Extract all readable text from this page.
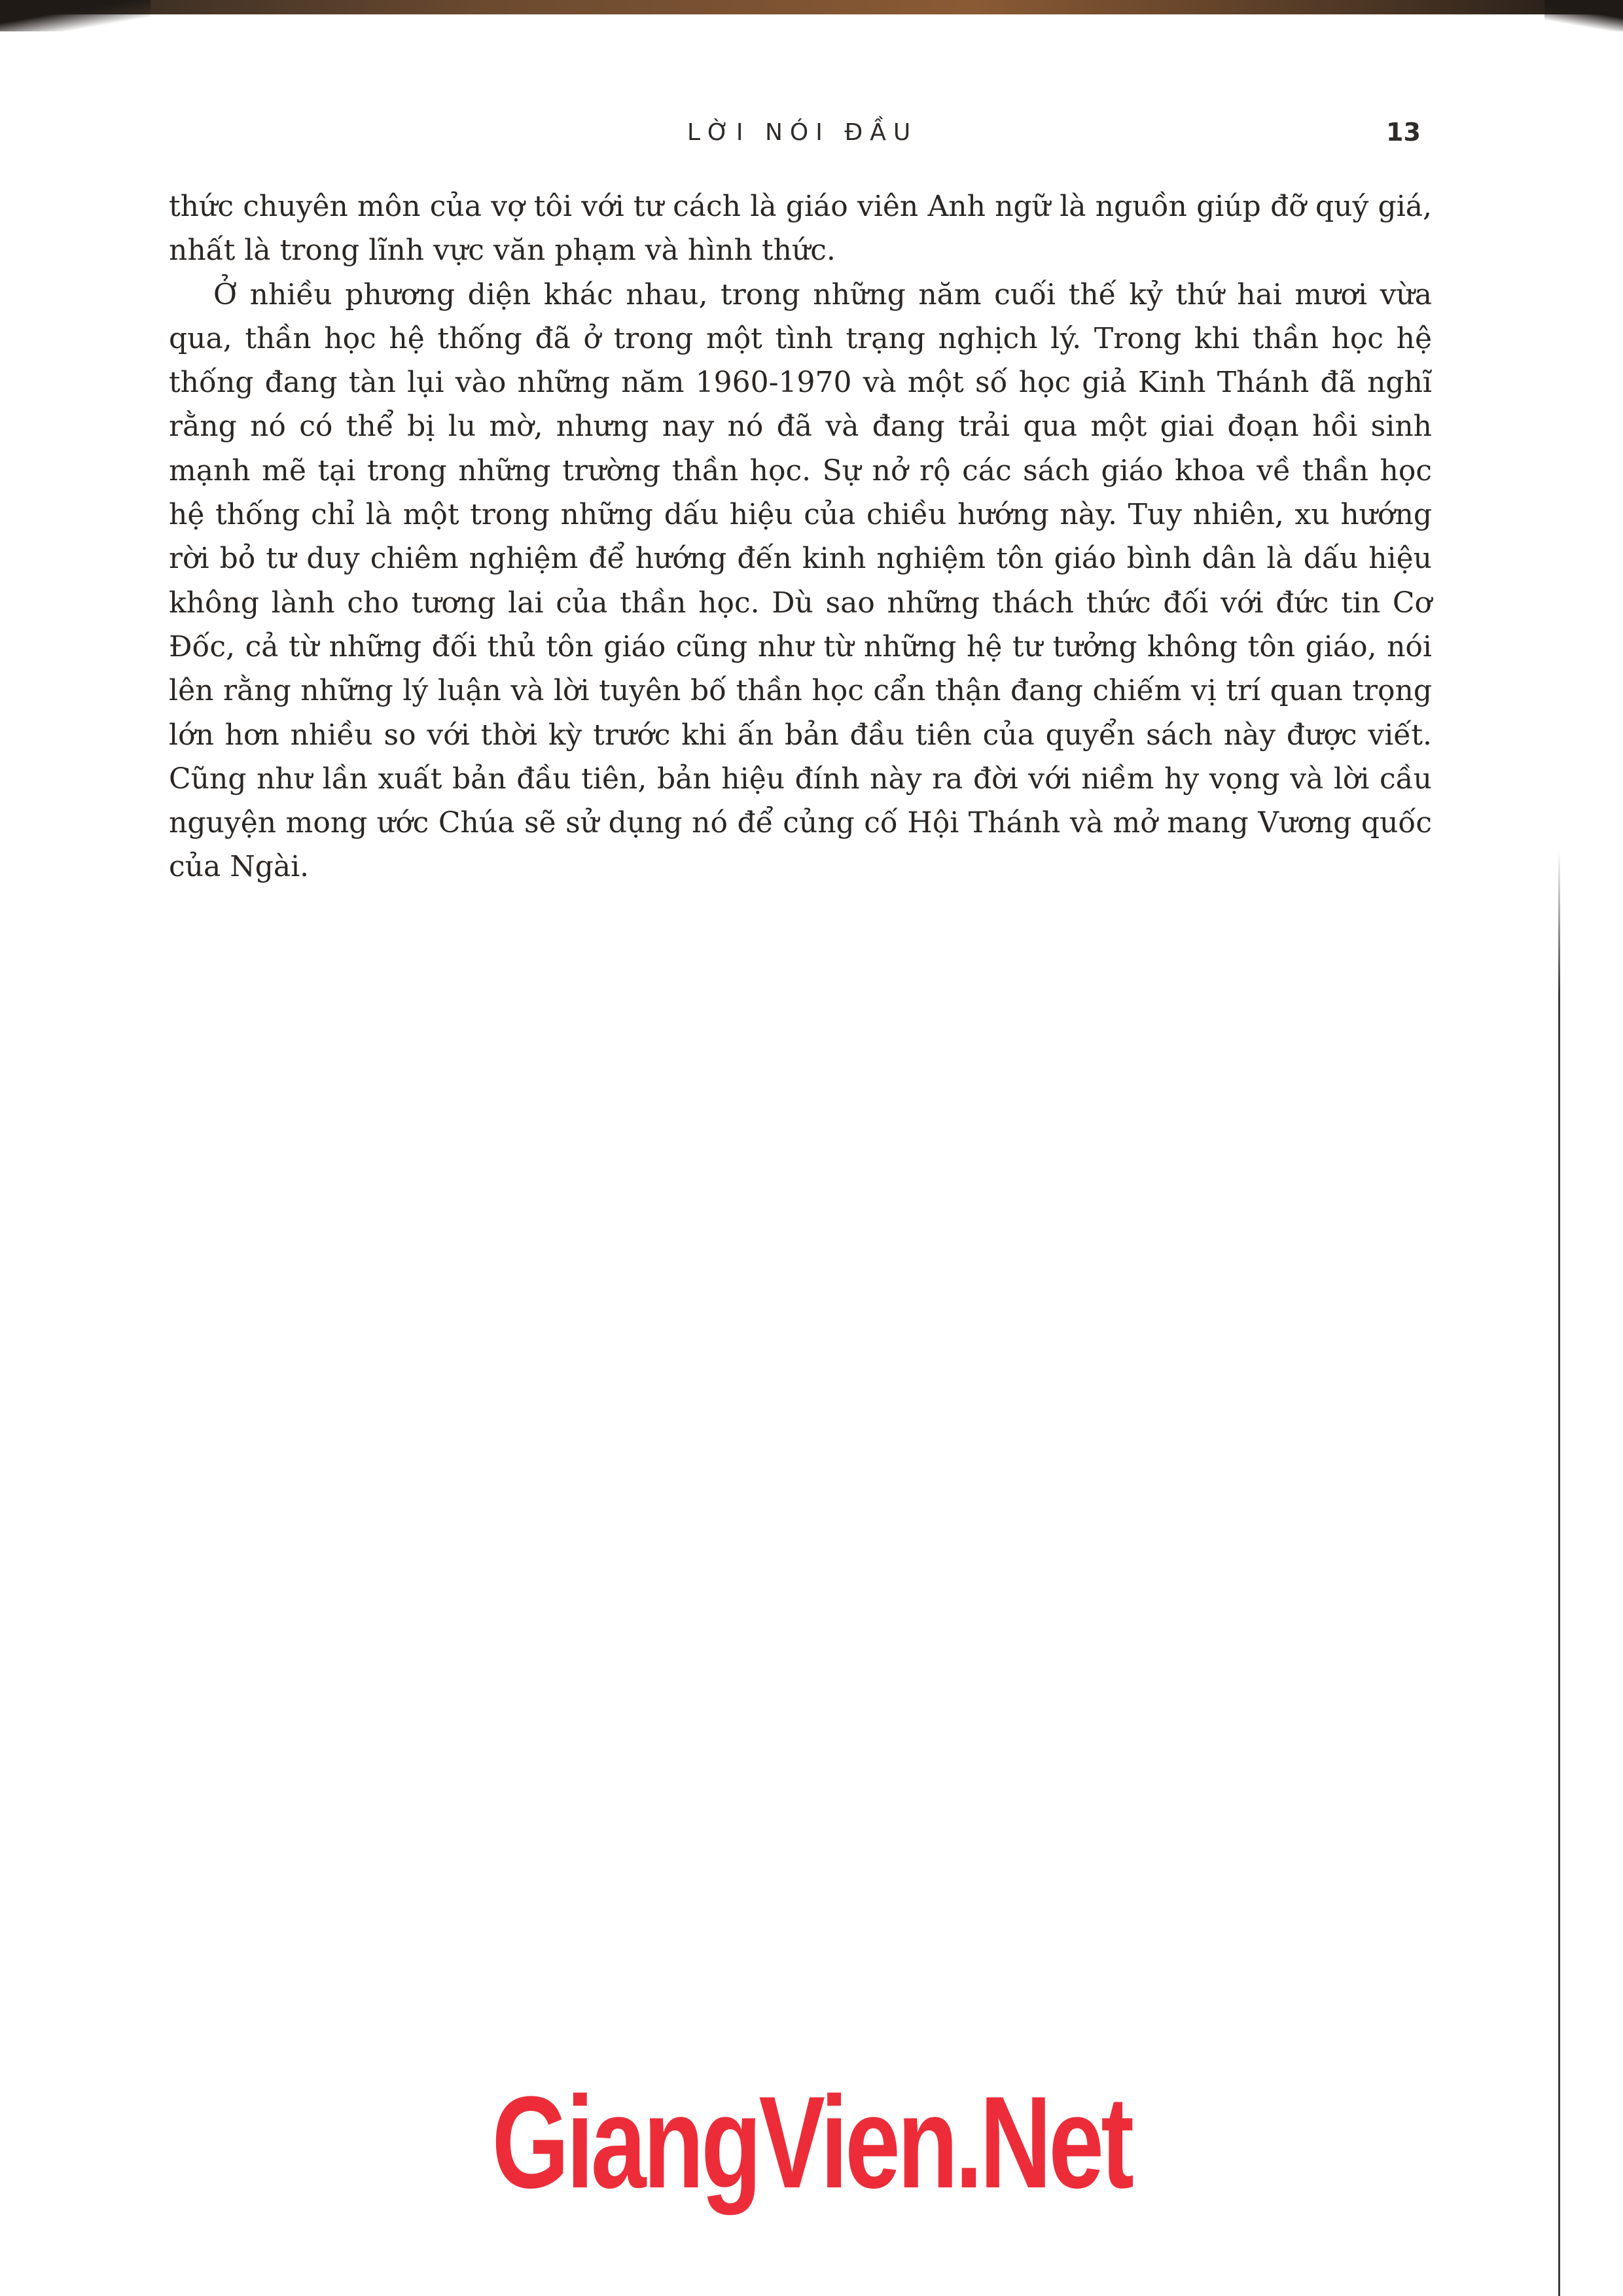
LỜI NÓI ĐẦU	13

thức chuyên môn của vợ tôi với tư cách là giáo viên Anh ngữ là nguồn giúp đỡ quý giá, nhất là trong lĩnh vực văn phạm và hình thức.

Ở nhiều phương diện khác nhau, trong những năm cuối thế kỷ thứ hai mươi vừa qua, thần học hệ thống đã ở trong một tình trạng nghịch lý. Trong khi thần học hệ thống đang tàn lụi vào những năm 1960-1970 và một số học giả Kinh Thánh đã nghĩ rằng nó có thể bị lu mờ, nhưng nay nó đã và đang trải qua một giai đoạn hồi sinh mạnh mẽ tại trong những trường thần học. Sự nở rộ các sách giáo khoa về thần học hệ thống chỉ là một trong những dấu hiệu của chiều hướng này. Tuy nhiên, xu hướng rời bỏ tư duy chiêm nghiệm để hướng đến kinh nghiệm tôn giáo bình dân là dấu hiệu không lành cho tương lai của thần học. Dù sao những thách thức đối với đức tin Cơ Đốc, cả từ những đối thủ tôn giáo cũng như từ những hệ tư tưởng không tôn giáo, nói lên rằng những lý luận và lời tuyên bố thần học cẩn thận đang chiếm vị trí quan trọng lớn hơn nhiều so với thời kỳ trước khi ấn bản đầu tiên của quyển sách này được viết. Cũng như lần xuất bản đầu tiên, bản hiệu đính này ra đời với niềm hy vọng và lời cầu nguyện mong ước Chúa sẽ sử dụng nó để củng cố Hội Thánh và mở mang Vương quốc của Ngài.

GiangVien.Net
